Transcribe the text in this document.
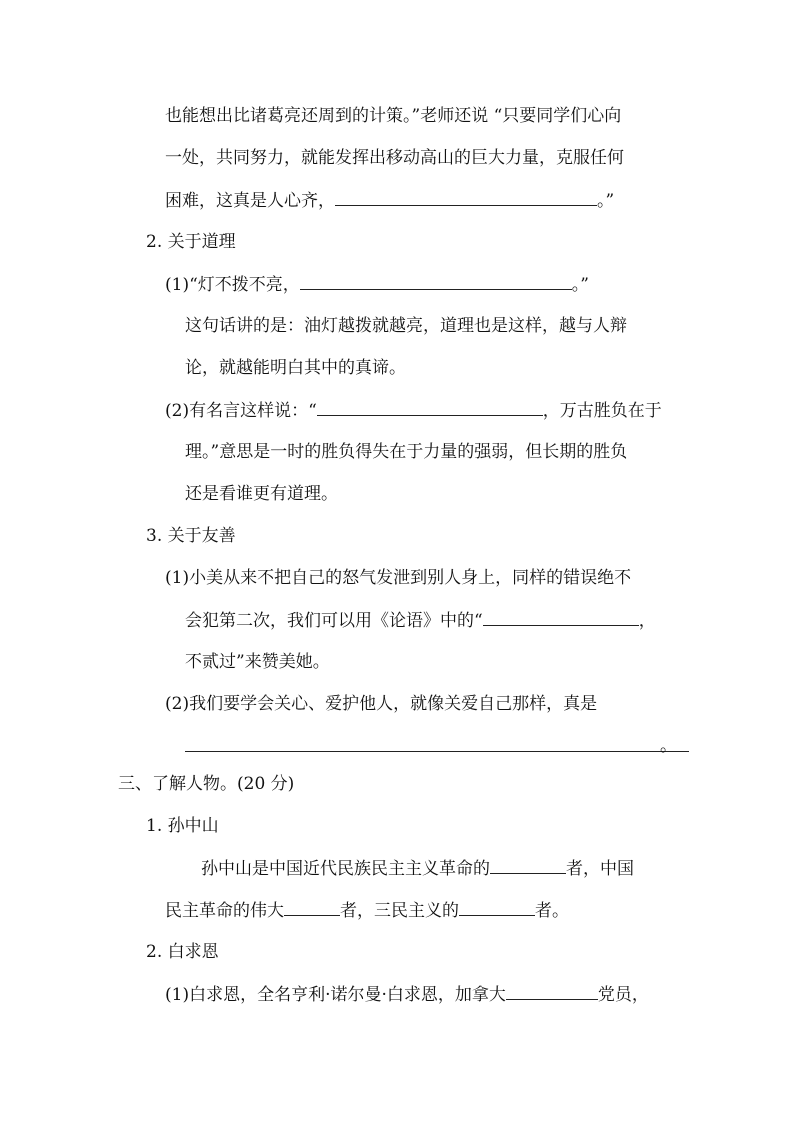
也能想出比诸葛亮还周到的计策。”老师还说 “只要同学们心向
一处，共同努力，就能发挥出移动高山的巨大力量，克服任何
困难，这真是人心齐，	。”
2. 关于道理
(1)“灯不拨不亮，	。”
这句话讲的是：油灯越拨就越亮，道理也是这样，越与人辩
论，就越能明白其中的真谛。
(2)有名言这样说：“	，万古胜负在于
理。”意思是一时的胜负得失在于力量的强弱，但长期的胜负
还是看谁更有道理。
3. 关于友善
(1)小美从来不把自己的怒气发泄到别人身上，同样的错误绝不
会犯第二次，我们可以用《论语》中的“	，
不贰过”来赞美她。
(2)我们要学会关心、爱护他人，就像关爱自己那样，真是
。
三、了解人物。(20 分)
1. 孙中山
孙中山是中国近代民族民主主义革命的	者，中国
民主革命的伟大	者，三民主义的	者。
2. 白求恩
(1)白求恩，全名亨利·诺尔曼·白求恩，加拿大	党员，
